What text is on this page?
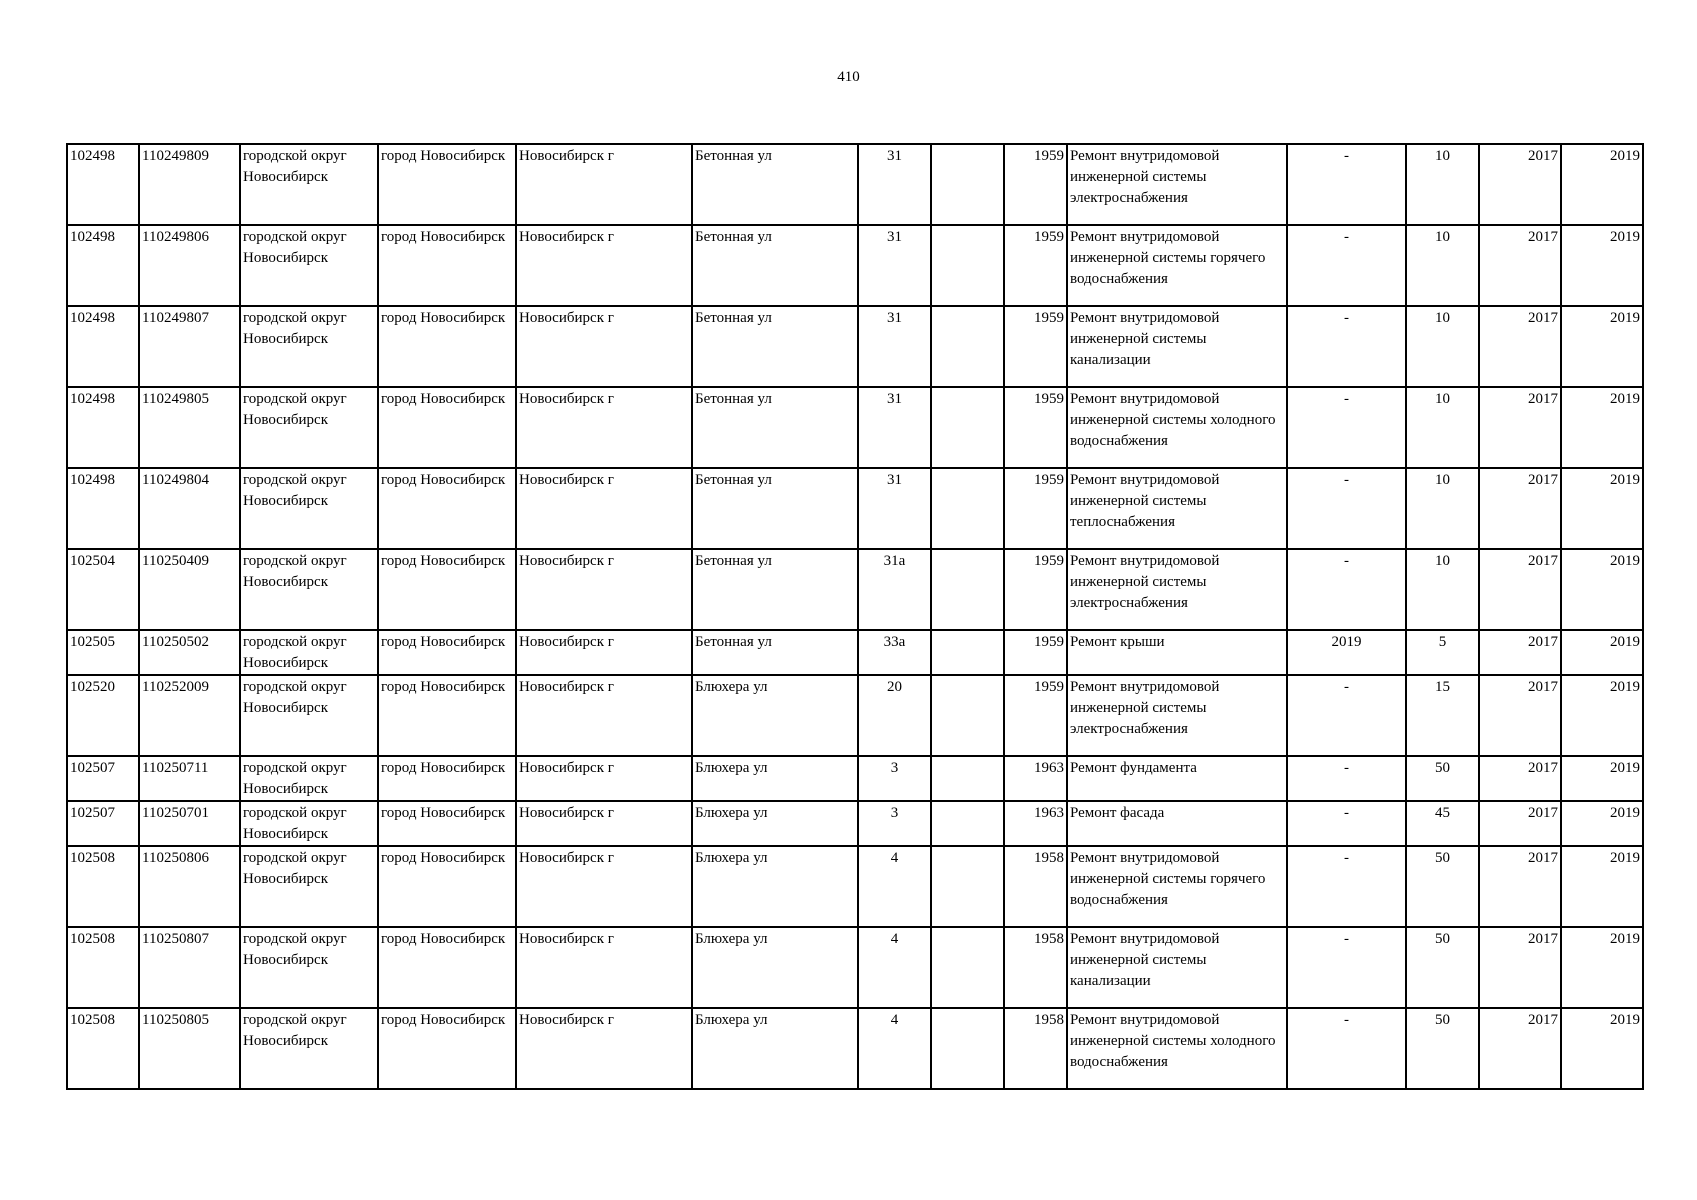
410
102498	110249809	городской округ Новосибирск	город Новосибирск	Новосибирск г	Бетонная ул	31		1959	Ремонт внутридомовой инженерной системы электроснабжения	-	10	2017	2019
102498	110249806	городской округ Новосибирск	город Новосибирск	Новосибирск г	Бетонная ул	31		1959	Ремонт внутридомовой инженерной системы горячего водоснабжения	-	10	2017	2019
102498	110249807	городской округ Новосибирск	город Новосибирск	Новосибирск г	Бетонная ул	31		1959	Ремонт внутридомовой инженерной системы канализации	-	10	2017	2019
102498	110249805	городской округ Новосибирск	город Новосибирск	Новосибирск г	Бетонная ул	31		1959	Ремонт внутридомовой инженерной системы холодного водоснабжения	-	10	2017	2019
102498	110249804	городской округ Новосибирск	город Новосибирск	Новосибирск г	Бетонная ул	31		1959	Ремонт внутридомовой инженерной системы теплоснабжения	-	10	2017	2019
102504	110250409	городской округ Новосибирск	город Новосибирск	Новосибирск г	Бетонная ул	31а		1959	Ремонт внутридомовой инженерной системы электроснабжения	-	10	2017	2019
102505	110250502	городской округ Новосибирск	город Новосибирск	Новосибирск г	Бетонная ул	33а		1959	Ремонт крыши	2019	5	2017	2019
102520	110252009	городской округ Новосибирск	город Новосибирск	Новосибирск г	Блюхера ул	20		1959	Ремонт внутридомовой инженерной системы электроснабжения	-	15	2017	2019
102507	110250711	городской округ Новосибирск	город Новосибирск	Новосибирск г	Блюхера ул	3		1963	Ремонт фундамента	-	50	2017	2019
102507	110250701	городской округ Новосибирск	город Новосибирск	Новосибирск г	Блюхера ул	3		1963	Ремонт фасада	-	45	2017	2019
102508	110250806	городской округ Новосибирск	город Новосибирск	Новосибирск г	Блюхера ул	4		1958	Ремонт внутридомовой инженерной системы горячего водоснабжения	-	50	2017	2019
102508	110250807	городской округ Новосибирск	город Новосибирск	Новосибирск г	Блюхера ул	4		1958	Ремонт внутридомовой инженерной системы канализации	-	50	2017	2019
102508	110250805	городской округ Новосибирск	город Новосибирск	Новосибирск г	Блюхера ул	4		1958	Ремонт внутридомовой инженерной системы холодного водоснабжения	-	50	2017	2019
